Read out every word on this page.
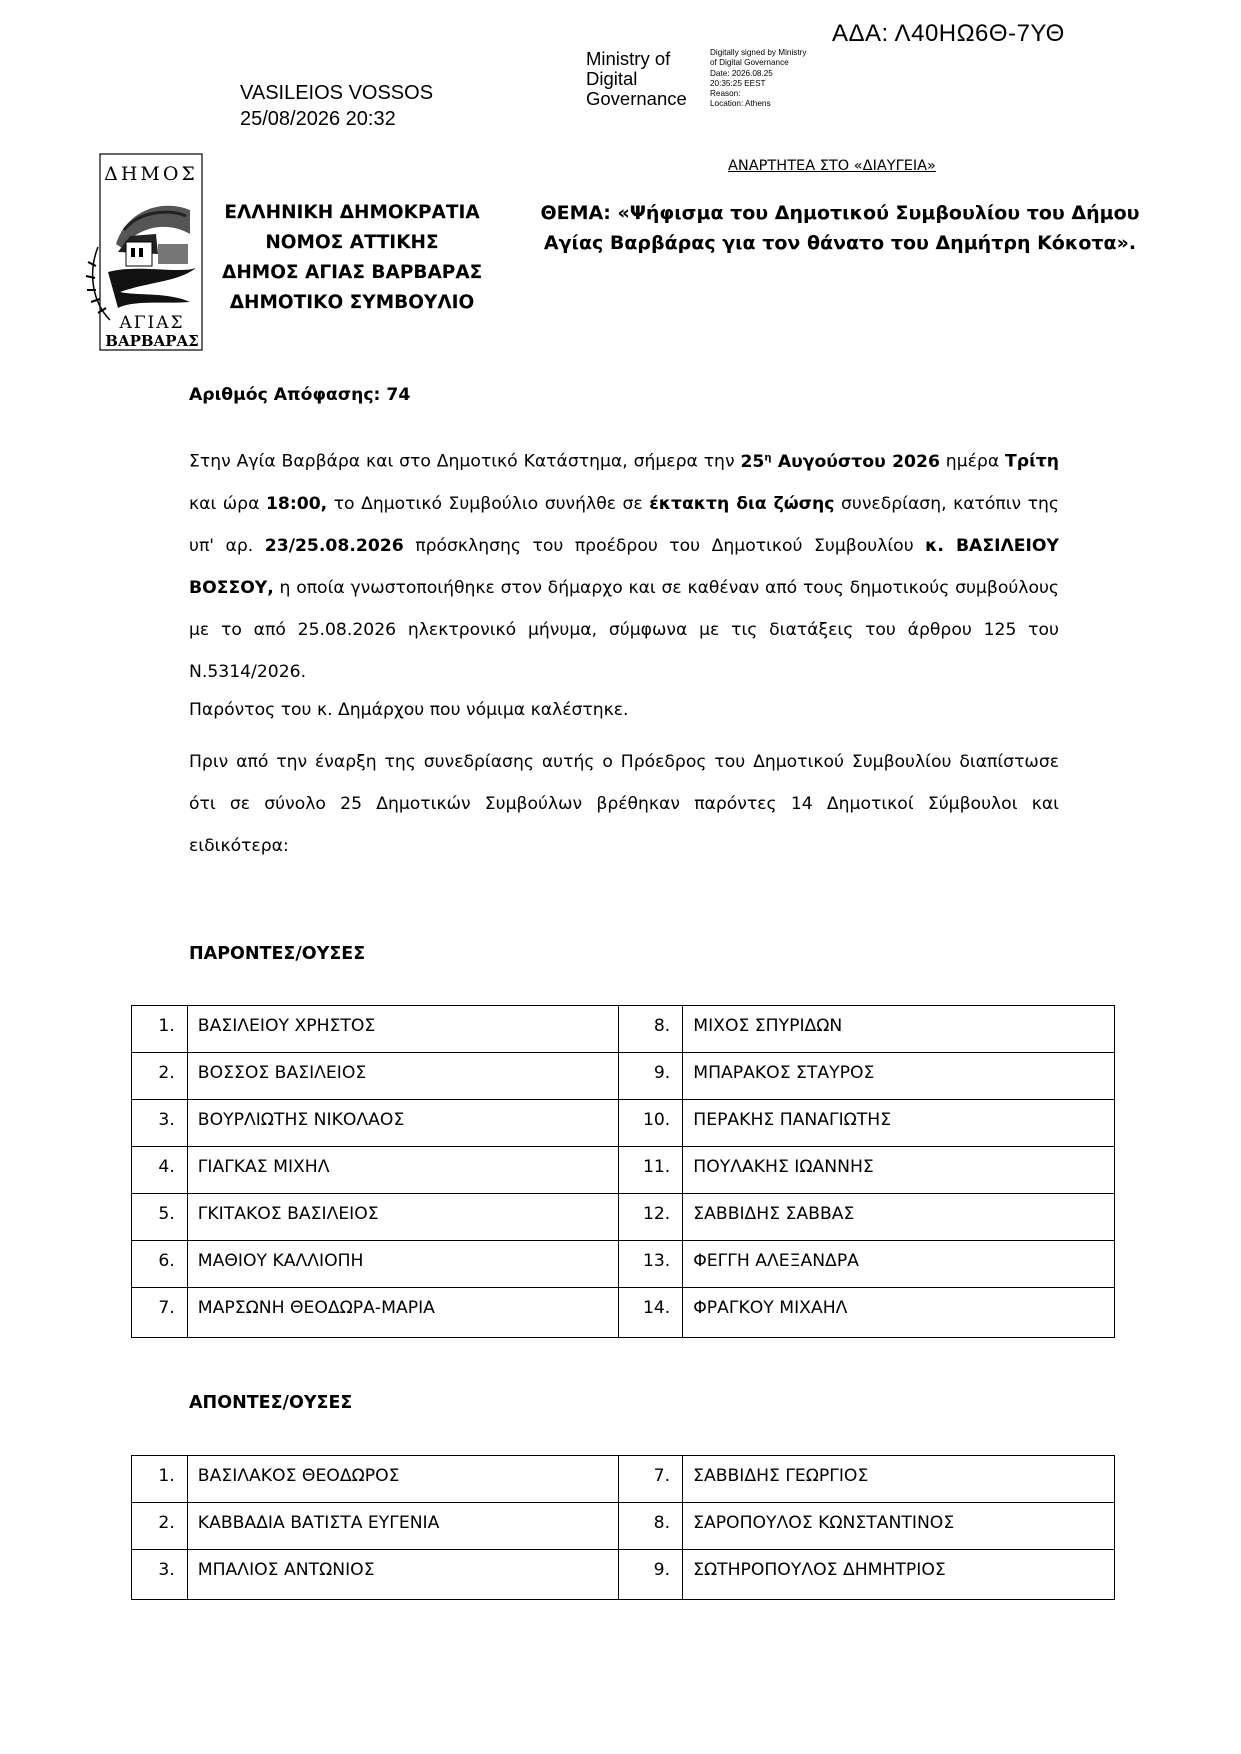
ΑΔΑ: Λ40ΗΩ6Θ-7ΥΘ
VASILEIOS VOSSOS
25/08/2026 20:32
Ministry of
Digital
Governance
Digitally signed by Ministry
of Digital Governance
Date: 2026.08.25
20:35:25 EEST
Reason:
Location: Athens
ΔΗΜΟΣ
ΑΓΙΑΣ
ΒΑΡΒΑΡΑΣ
ΕΛΛΗΝΙΚΗ ΔΗΜΟΚΡΑΤΙΑ
ΝΟΜΟΣ ΑΤΤΙΚΗΣ
ΔΗΜΟΣ ΑΓΙΑΣ ΒΑΡΒΑΡΑΣ
ΔΗΜΟΤΙΚΟ ΣΥΜΒΟΥΛΙΟ
ΑΝΑΡΤΗΤΕΑ ΣΤΟ «ΔΙΑΥΓΕΙΑ»
ΘΕΜΑ: «Ψήφισμα του Δημοτικού Συμβουλίου του Δήμου
Αγίας Βαρβάρας για τον θάνατο του Δημήτρη Κόκοτα».
Αριθμός Απόφασης: 74
Στην Αγία Βαρβάρα και στο Δημοτικό Κατάστημα, σήμερα την $25^\eta$ Αυγούστου 2026 ημέρα Τρίτη και ώρα 18:00, το Δημοτικό Συμβούλιο συνήλθε σε έκτακτη δια ζώσης συνεδρίαση, κατόπιν της υπ' αρ. 23/25.08.2026 πρόσκλησης του προέδρου του Δημοτικού Συμβουλίου κ. ΒΑΣΙΛΕΙΟΥ ΒΟΣΣΟΥ, η οποία γνωστοποιήθηκε στον δήμαρχο και σε καθέναν από τους δημοτικούς συμβούλους με το από 25.08.2026 ηλεκτρονικό μήνυμα, σύμφωνα με τις διατάξεις του άρθρου 125 του Ν.5314/2026.
Παρόντος του κ. Δημάρχου που νόμιμα καλέστηκε.
Πριν από την έναρξη της συνεδρίασης αυτής ο Πρόεδρος του Δημοτικού Συμβουλίου διαπίστωσε ότι σε σύνολο 25 Δημοτικών Συμβούλων βρέθηκαν παρόντες 14 Δημοτικοί Σύμβουλοι και ειδικότερα:
ΠΑΡΟΝΤΕΣ/ΟΥΣΕΣ
1.	ΒΑΣΙΛΕΙΟΥ ΧΡΗΣΤΟΣ	8.	ΜΙΧΟΣ ΣΠΥΡΙΔΩΝ
2.	ΒΟΣΣΟΣ ΒΑΣΙΛΕΙΟΣ	9.	ΜΠΑΡΑΚΟΣ ΣΤΑΥΡΟΣ
3.	ΒΟΥΡΛΙΩΤΗΣ ΝΙΚΟΛΑΟΣ	10.	ΠΕΡΑΚΗΣ ΠΑΝΑΓΙΩΤΗΣ
4.	ΓΙΑΓΚΑΣ ΜΙΧΗΛ	11.	ΠΟΥΛΑΚΗΣ ΙΩΑΝΝΗΣ
5.	ΓΚΙΤΑΚΟΣ ΒΑΣΙΛΕΙΟΣ	12.	ΣΑΒΒΙΔΗΣ ΣΑΒΒΑΣ
6.	ΜΑΘΙΟΥ ΚΑΛΛΙΟΠΗ	13.	ΦΕΓΓΗ ΑΛΕΞΑΝΔΡΑ
7.	ΜΑΡΣΩΝΗ ΘΕΟΔΩΡΑ-ΜΑΡΙΑ	14.	ΦΡΑΓΚΟΥ ΜΙΧΑΗΛ
ΑΠΟΝΤΕΣ/ΟΥΣΕΣ
1.	ΒΑΣΙΛΑΚΟΣ ΘΕΟΔΩΡΟΣ	7.	ΣΑΒΒΙΔΗΣ ΓΕΩΡΓΙΟΣ
2.	ΚΑΒΒΑΔΙΑ ΒΑΤΙΣΤΑ ΕΥΓΕΝΙΑ	8.	ΣΑΡΟΠΟΥΛΟΣ ΚΩΝΣΤΑΝΤΙΝΟΣ
3.	ΜΠΑΛΙΟΣ ΑΝΤΩΝΙΟΣ	9.	ΣΩΤΗΡΟΠΟΥΛΟΣ ΔΗΜΗΤΡΙΟΣ
